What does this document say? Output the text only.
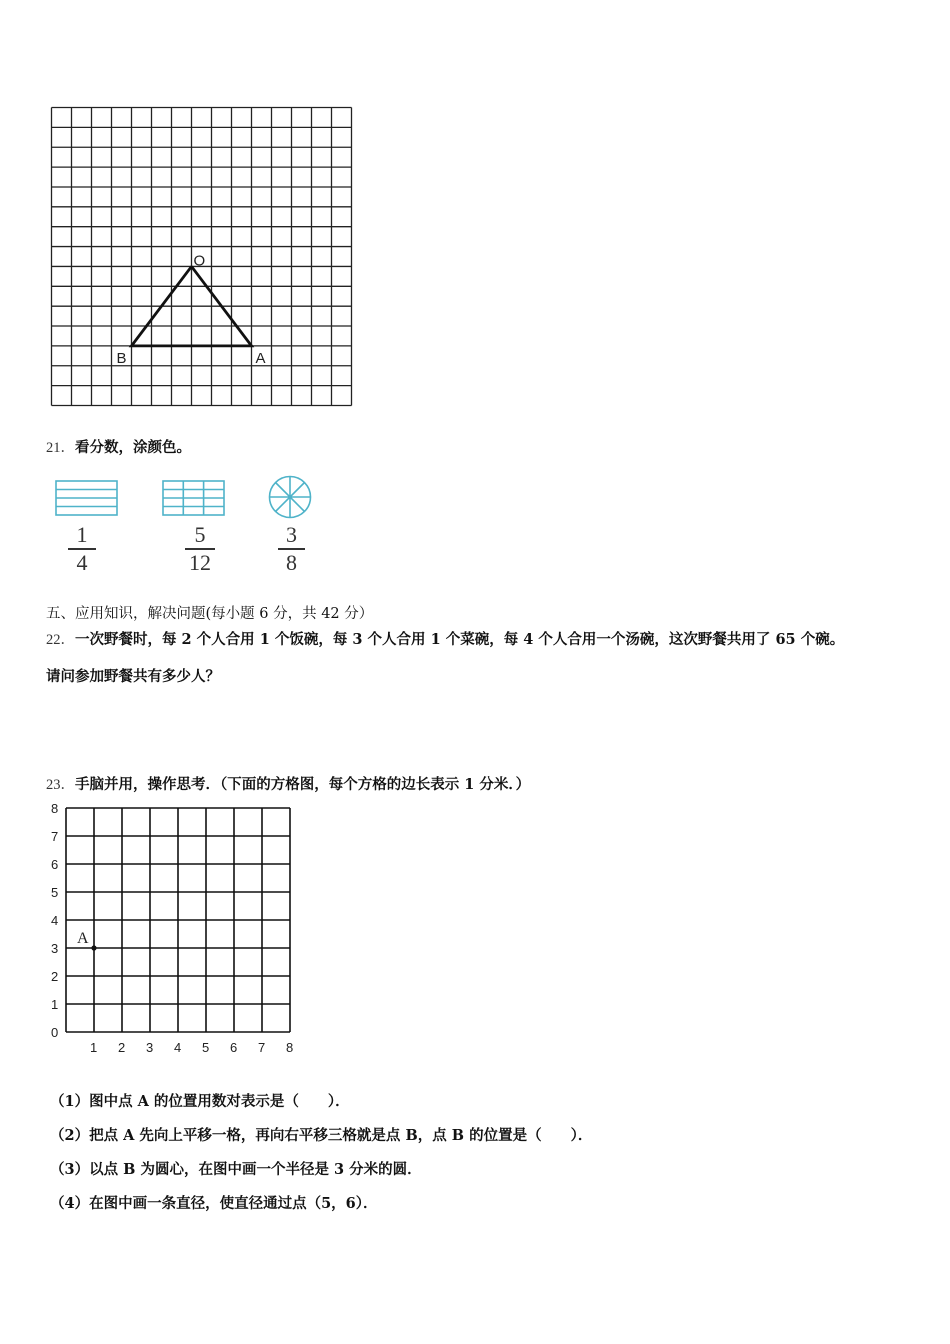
O
B	A
21．看分数，涂颜色。
1
4
5
12
3
8
五、应用知识，解决问题(每小题 6 分，共 42 分）
22．一次野餐时，每 2 个人合用 1 个饭碗，每 3 个人合用 1 个菜碗，每 4 个人合用一个汤碗，这次野餐共用了 65 个碗。
请问参加野餐共有多少人？
23．手脑并用，操作思考．（下面的方格图，每个方格的边长表示 1 分米．）
0
1
2
3
4
5
6
7
8
1 2 3 4 5 6 7 8
A
（1）图中点 A 的位置用数对表示是（　　）．
（2）把点 A 先向上平移一格，再向右平移三格就是点 B，点 B 的位置是（　　）．
（3）以点 B 为圆心，在图中画一个半径是 3 分米的圆．
（4）在图中画一条直径，使直径通过点（5，6）．
